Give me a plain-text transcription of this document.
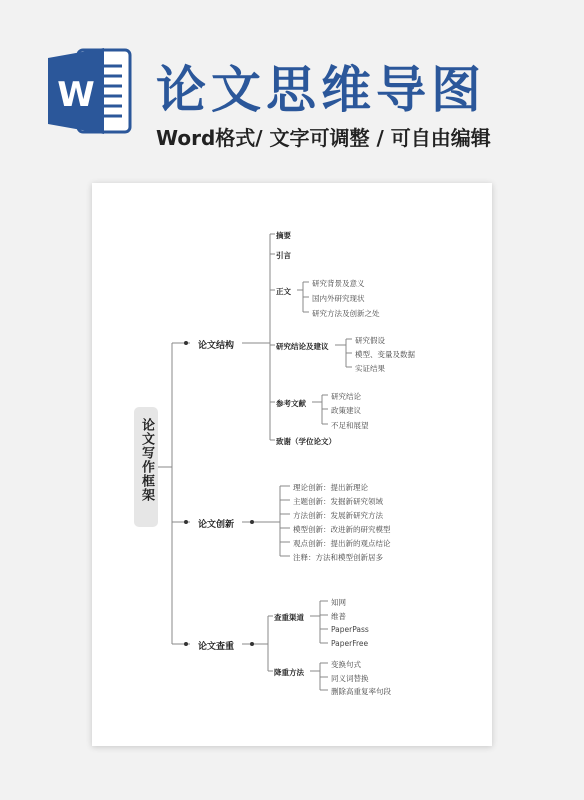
W 论文思维导图
Word格式/ 文字可调整 / 可自由编辑
论文写作框架
论文结构
摘要
引言
正文
研究背景及意义
国内外研究现状
研究方法及创新之处
研究结论及建议
研究假设
模型、变量及数据
实证结果
参考文献
研究结论
政策建议
不足和展望
致谢（学位论文）
论文创新
理论创新：提出新理论
主题创新：发掘新研究领域
方法创新：发展新研究方法
模型创新：改进新的研究模型
观点创新：提出新的观点结论
注释：方法和模型创新居多
论文查重
查重渠道
知网
维普
PaperPass
PaperFree
降重方法
变换句式
同义词替换
删除高重复率句段
